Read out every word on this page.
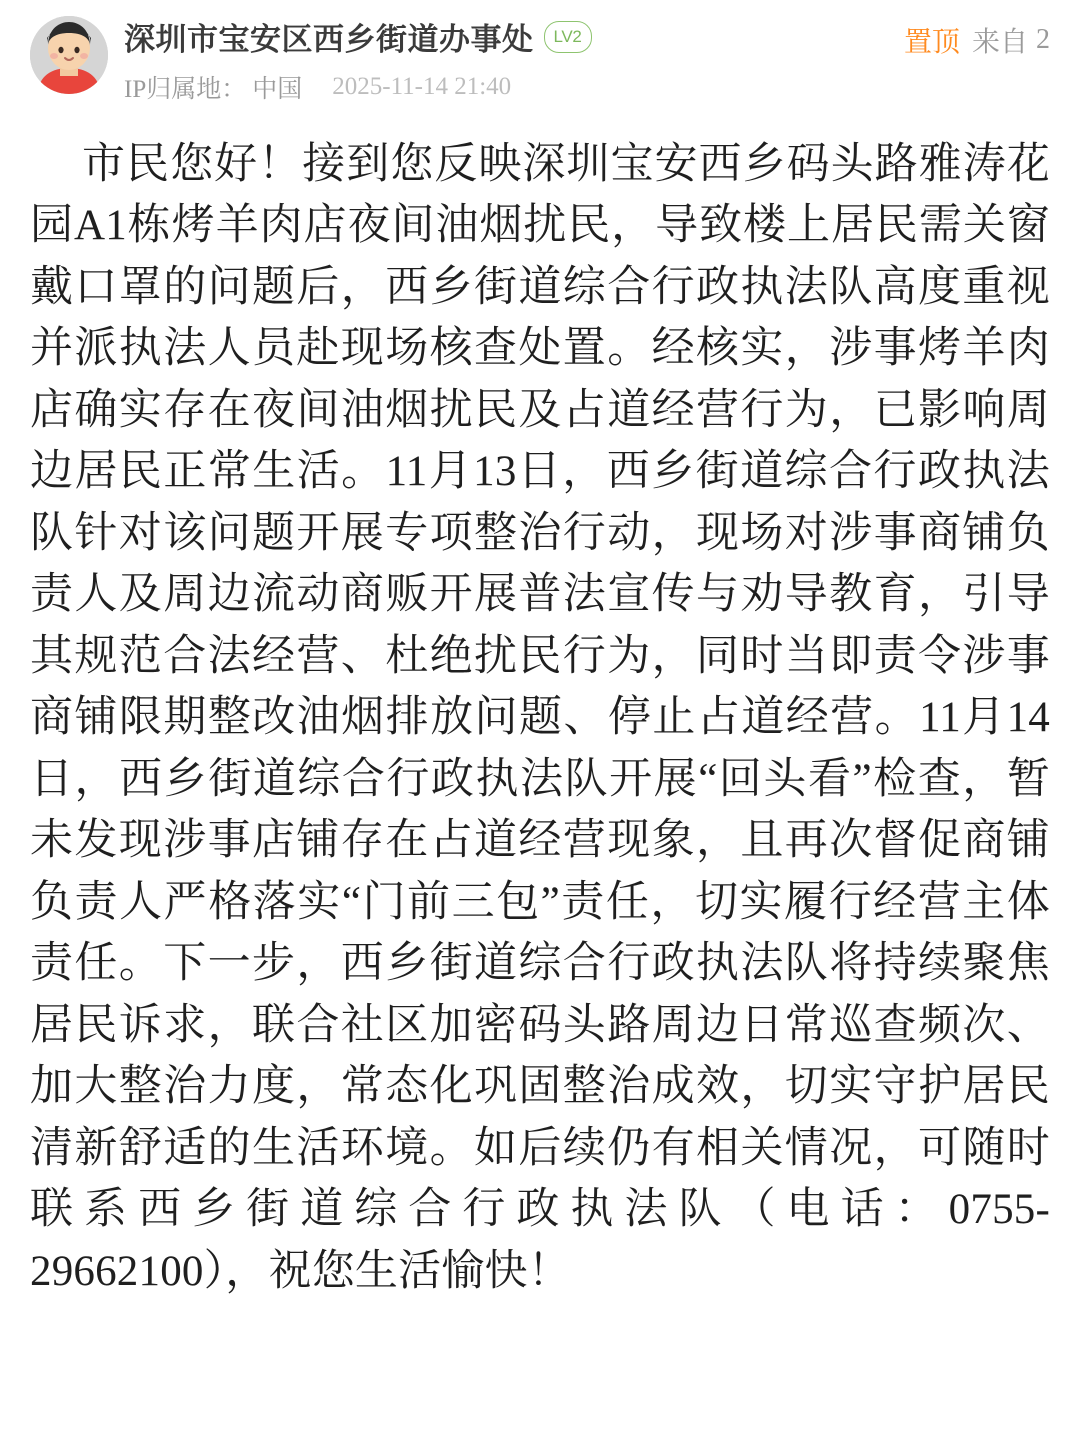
深圳市宝安区西乡街道办事处	LV2
IP归属地： 中国 2025-11-14 21:40
置顶 来自 2
市民您好！接到您反映深圳宝安西乡码头路雅涛花园A1栋烤羊肉店夜间油烟扰民，导致楼上居民需关窗戴口罩的问题后，西乡街道综合行政执法队高度重视并派执法人员赴现场核查处置。经核实，涉事烤羊肉店确实存在夜间油烟扰民及占道经营行为，已影响周边居民正常生活。11月13日，西乡街道综合行政执法队针对该问题开展专项整治行动，现场对涉事商铺负责人及周边流动商贩开展普法宣传与劝导教育，引导其规范合法经营、杜绝扰民行为，同时当即责令涉事商铺限期整改油烟排放问题、停止占道经营。11月14日，西乡街道综合行政执法队开展“回头看”检查，暂未发现涉事店铺存在占道经营现象，且再次督促商铺负责人严格落实“门前三包”责任，切实履行经营主体责任。下一步，西乡街道综合行政执法队将持续聚焦居民诉求，联合社区加密码头路周边日常巡查频次、加大整治力度，常态化巩固整治成效，切实守护居民清新舒适的生活环境。如后续仍有相关情况，可随时联系西乡街道综合行政执法队（电话：0755-29662100），祝您生活愉快！
